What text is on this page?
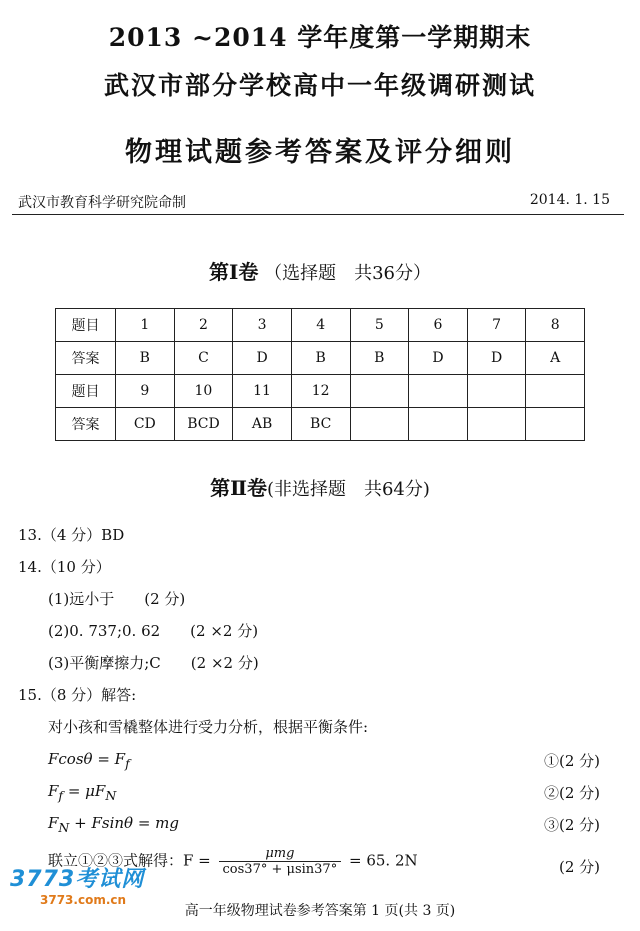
2013 ~2014 学年度第一学期期末
武汉市部分学校高中一年级调研测试
物理试题参考答案及评分细则
武汉市教育科学研究院命制	2014. 1. 15
第Ⅰ卷 （选择题　共36分）
题目	1	2	3	4	5	6	7	8
答案	B	C	D	B	B	D	D	A
题目	9	10	11	12				
答案	CD	BCD	AB	BC				
第Ⅱ卷(非选择题　共64分)
13.（4 分）BD
14.（10 分）
(1)远小于　　(2 分)
(2)0. 737;0. 62　　(2 ×2 分)
(3)平衡摩擦力;C　　(2 ×2 分)
15.（8 分）解答:
对小孩和雪橇整体进行受力分析，根据平衡条件:
$Fcos\theta = F_f$	①(2 分)
$F_f = \mu F_N$	②(2 分)
$F_N + Fsin\theta$ = mg	③(2 分)
联立①②③式解得：$F = \frac{\text{μmg}}{\cos 37^\circ + \mu\sin 37^\circ} = 65$. 2N	(2 分)
3773考试网
3773.com.cn
高一年级物理试卷参考答案第 1 页(共 3 页)
